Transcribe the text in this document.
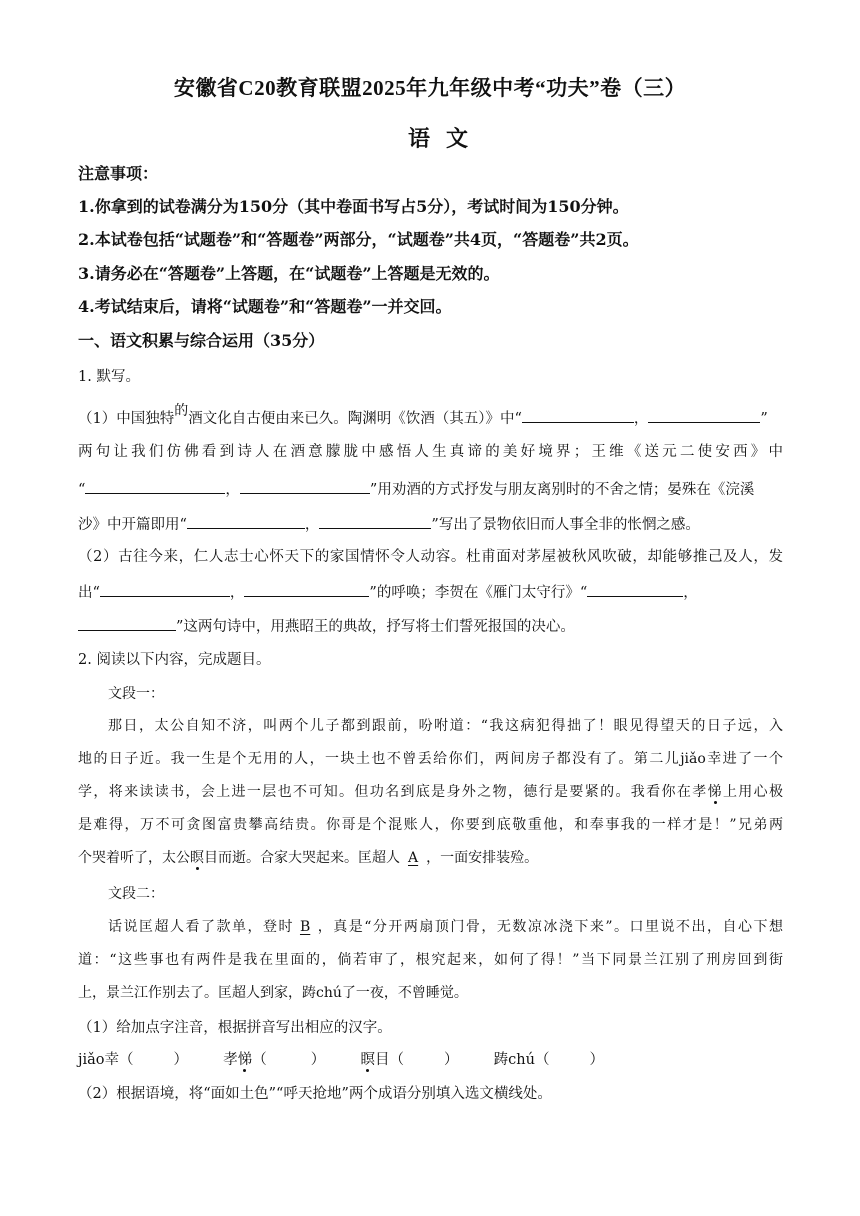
安徽省C20教育联盟2025年九年级中考“功夫”卷（三）
语文
注意事项：
1.你拿到的试卷满分为150分（其中卷面书写占5分），考试时间为150分钟。
2.本试卷包括“试题卷”和“答题卷”两部分，“试题卷”共4页，“答题卷”共2页。
3.请务必在“答题卷”上答题，在“试题卷”上答题是无效的。
4.考试结束后，请将“试题卷”和“答题卷”一并交回。
一、语文积累与综合运用（35分）
1. 默写。
（1）中国独特的酒文化自古便由来已久。陶渊明《饮酒（其五）》中“	，	”
两句让我们仿佛看到诗人在酒意朦胧中感悟人生真谛的美好境界；王维《送元二使安西》中
“	，	”用劝酒的方式抒发与朋友离别时的不舍之情；晏殊在《浣溪
沙》中开篇即用“	，	”写出了景物依旧而人事全非的怅惘之感。
（2）古往今来，仁人志士心怀天下的家国情怀令人动容。杜甫面对茅屋被秋风吹破，却能够推己及人，发
出“	，	”的呼唤；李贺在《雁门太守行》“	，
”这两句诗中，用燕昭王的典故，抒写将士们誓死报国的决心。
2. 阅读以下内容，完成题目。
文段一：
那日，太公自知不济，叫两个儿子都到跟前，吩咐道：“我这病犯得拙了！眼见得望天的日子远，入
地的日子近。我一生是个无用的人，一块土也不曾丢给你们，两间房子都没有了。第二儿jiǎo幸进了一个
学，将来读读书，会上进一层也不可知。但功名到底是身外之物，德行是要紧的。我看你在孝悌上用心极
是难得，万不可贪图富贵攀高结贵。你哥是个混账人，你要到底敬重他，和奉事我的一样才是！”兄弟两
个哭着听了，太公瞑目而逝。合家大哭起来。匡超人 A ，一面安排装殓。
文段二：
话说匡超人看了款单，登时 B ，真是“分开两扇顶门骨，无数凉冰浇下来”。口里说不出，自心下想
道：“这些事也有两件是我在里面的，倘若审了，根究起来，如何了得！”当下同景兰江别了刑房回到街
上，景兰江作别去了。匡超人到家，踌chú了一夜，不曾睡觉。
（1）给加点字注音，根据拼音写出相应的汉字。
jiǎo幸（	） 孝悌（	） 瞑目（	） 踌chú（	）
（2）根据语境，将“面如土色”“呼天抢地”两个成语分别填入选文横线处。
